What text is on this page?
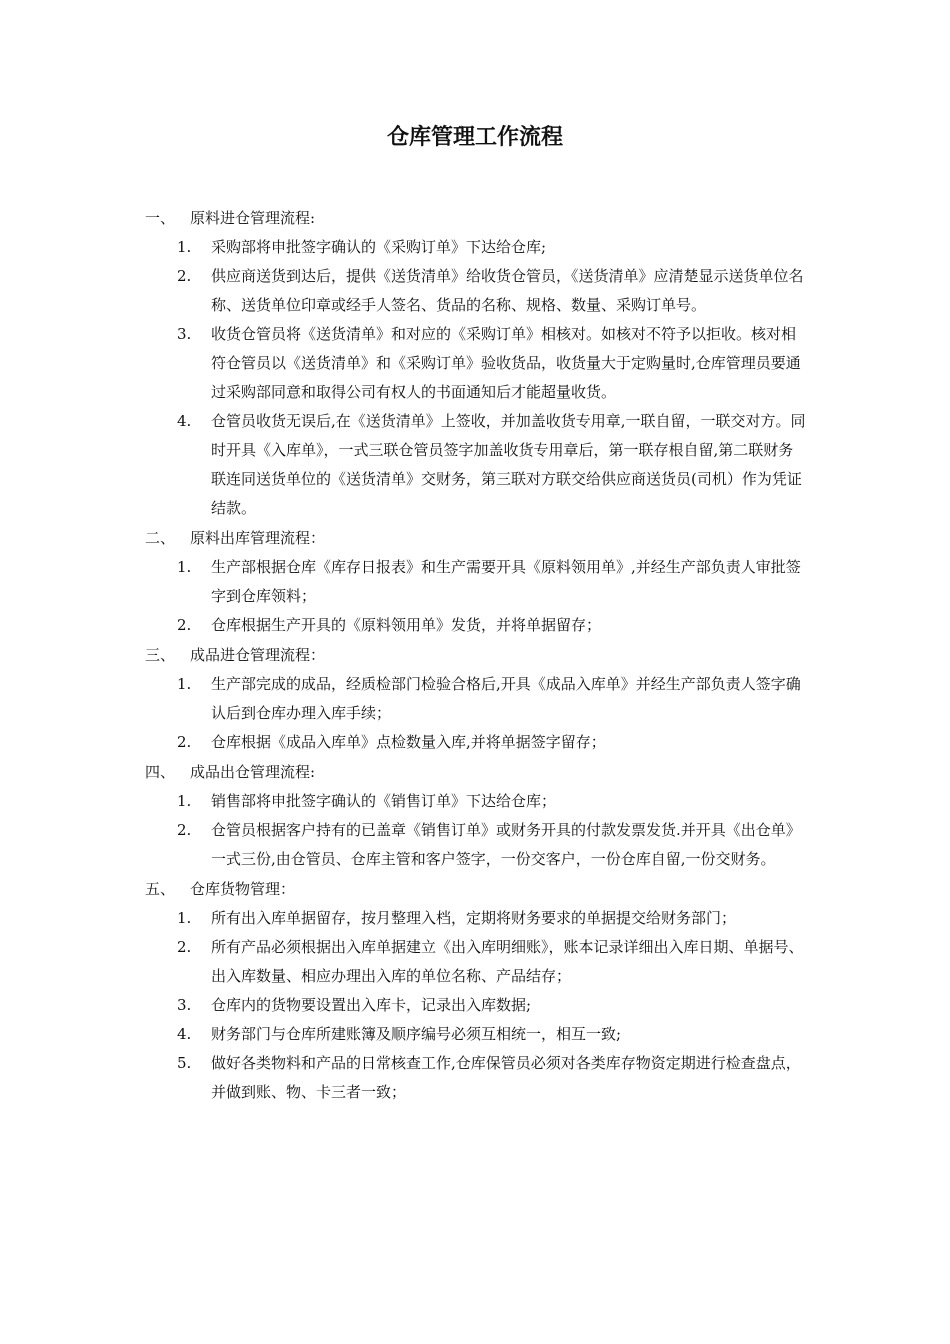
仓库管理工作流程
一、 原料进仓管理流程:
1. 采购部将申批签字确认的《采购订单》下达给仓库;
2. 供应商送货到达后，提供《送货清单》给收货仓管员，《送货清单》应清楚显示送货单位名称、送货单位印章或经手人签名、货品的名称、规格、数量、采购订单号。
3. 收货仓管员将《送货清单》和对应的《采购订单》相核对。如核对不符予以拒收。核对相符仓管员以《送货清单》和《采购订单》验收货品，收货量大于定购量时,仓库管理员要通过采购部同意和取得公司有权人的书面通知后才能超量收货。
4. 仓管员收货无误后,在《送货清单》上签收，并加盖收货专用章,一联自留，一联交对方。同时开具《入库单》，一式三联仓管员签字加盖收货专用章后，第一联存根自留,第二联财务联连同送货单位的《送货清单》交财务，第三联对方联交给供应商送货员(司机）作为凭证结款。
二、 原料出库管理流程：
1. 生产部根据仓库《库存日报表》和生产需要开具《原料领用单》,并经生产部负责人审批签字到仓库领料；
2. 仓库根据生产开具的《原料领用单》发货，并将单据留存；
三、 成品进仓管理流程：
1. 生产部完成的成品，经质检部门检验合格后,开具《成品入库单》并经生产部负责人签字确认后到仓库办理入库手续；
2. 仓库根据《成品入库单》点检数量入库,并将单据签字留存；
四、 成品出仓管理流程:
1. 销售部将申批签字确认的《销售订单》下达给仓库；
2. 仓管员根据客户持有的已盖章《销售订单》或财务开具的付款发票发货.并开具《出仓单》一式三份,由仓管员、仓库主管和客户签字，一份交客户，一份仓库自留,一份交财务。
五、 仓库货物管理：
1. 所有出入库单据留存，按月整理入档，定期将财务要求的单据提交给财务部门；
2. 所有产品必须根据出入库单据建立《出入库明细账》，账本记录详细出入库日期、单据号、出入库数量、相应办理出入库的单位名称、产品结存；
3. 仓库内的货物要设置出入库卡，记录出入库数据;
4. 财务部门与仓库所建账簿及顺序编号必须互相统一，相互一致;
5. 做好各类物料和产品的日常核查工作,仓库保管员必须对各类库存物资定期进行检查盘点，并做到账、物、卡三者一致；
